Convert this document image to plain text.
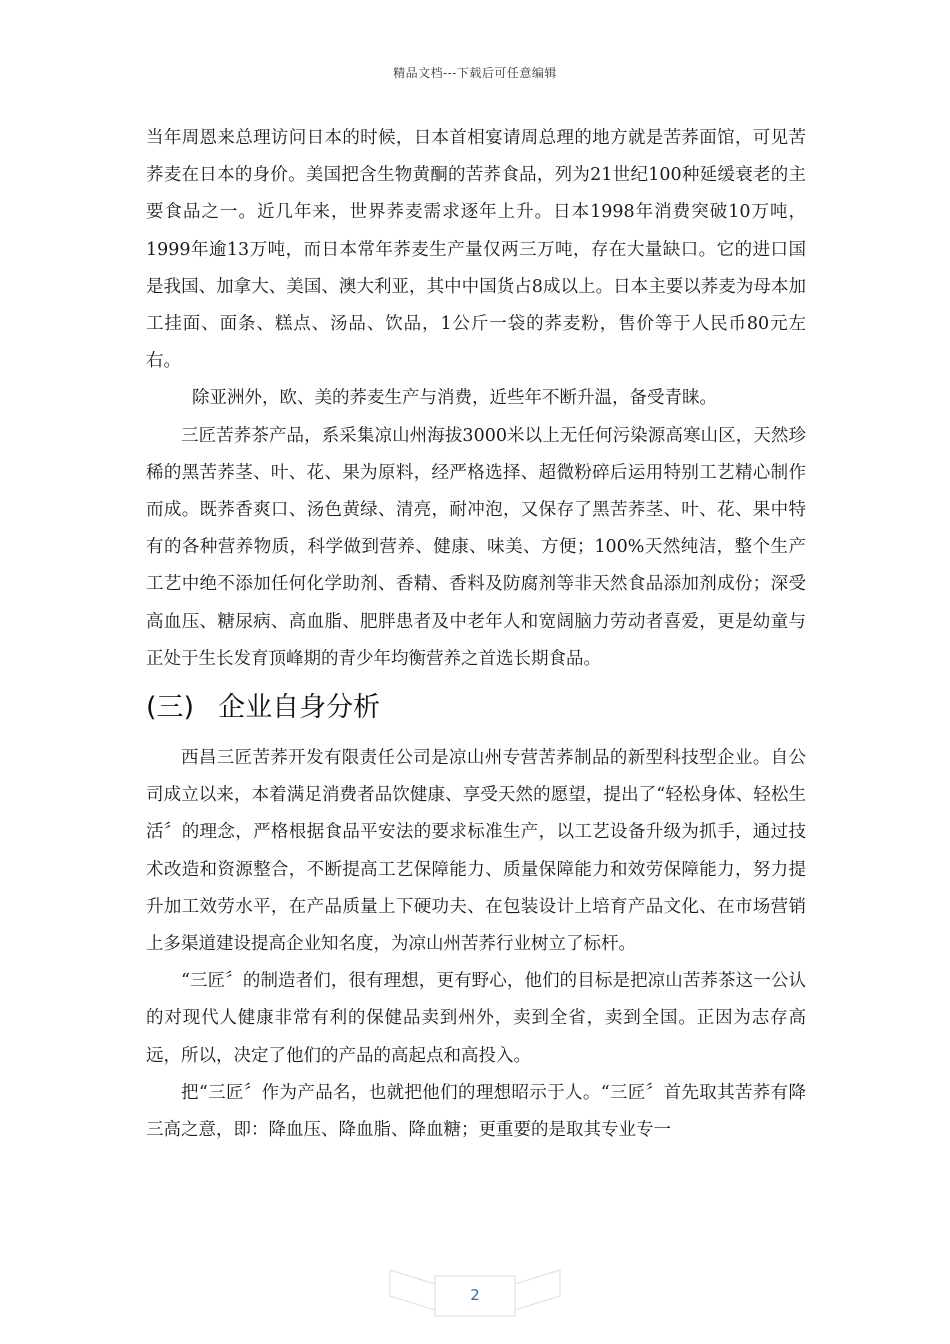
精品文档---下载后可任意编辑

当年周恩来总理访问日本的时候，日本首相宴请周总理的地方就是苦荞面馆，可见苦荞麦在日本的身价。美国把含生物黄酮的苦荞食品，列为21世纪100种延缓衰老的主要食品之一。近几年来，世界荞麦需求逐年上升。日本1998年消费突破10万吨，1999年逾13万吨，而日本常年荞麦生产量仅两三万吨，存在大量缺口。它的进口国是我国、加拿大、美国、澳大利亚，其中中国货占8成以上。日本主要以荞麦为母本加工挂面、面条、糕点、汤品、饮品，1公斤一袋的荞麦粉，售价等于人民币80元左右。

除亚洲外，欧、美的荞麦生产与消费，近些年不断升温，备受青睐。

三匠苦荞茶产品，系采集凉山州海拔3000米以上无任何污染源高寒山区，天然珍稀的黑苦荞茎、叶、花、果为原料，经严格选择、超微粉碎后运用特别工艺精心制作而成。既荞香爽口、汤色黄绿、清亮，耐冲泡，又保存了黑苦荞茎、叶、花、果中特有的各种营养物质，科学做到营养、健康、味美、方便；100%天然纯洁，整个生产工艺中绝不添加任何化学助剂、香精、香料及防腐剂等非天然食品添加剂成份；深受高血压、糖尿病、高血脂、肥胖患者及中老年人和宽阔脑力劳动者喜爱，更是幼童与正处于生长发育顶峰期的青少年均衡营养之首选长期食品。

(三) 企业自身分析

西昌三匠苦荞开发有限责任公司是凉山州专营苦荞制品的新型科技型企业。自公司成立以来，本着满足消费者品饮健康、享受天然的愿望，提出了“轻松身体、轻松生活〞的理念，严格根据食品平安法的要求标准生产，以工艺设备升级为抓手，通过技术改造和资源整合，不断提高工艺保障能力、质量保障能力和效劳保障能力，努力提升加工效劳水平，在产品质量上下硬功夫、在包装设计上培育产品文化、在市场营销上多渠道建设提高企业知名度，为凉山州苦荞行业树立了标杆。

“三匠〞的制造者们，很有理想，更有野心，他们的目标是把凉山苦荞茶这一公认的对现代人健康非常有利的保健品卖到州外，卖到全省，卖到全国。正因为志存高远，所以，决定了他们的产品的高起点和高投入。

把“三匠〞作为产品名，也就把他们的理想昭示于人。“三匠〞首先取其苦荞有降三高之意，即：降血压、降血脂、降血糖；更重要的是取其专业专一

2
